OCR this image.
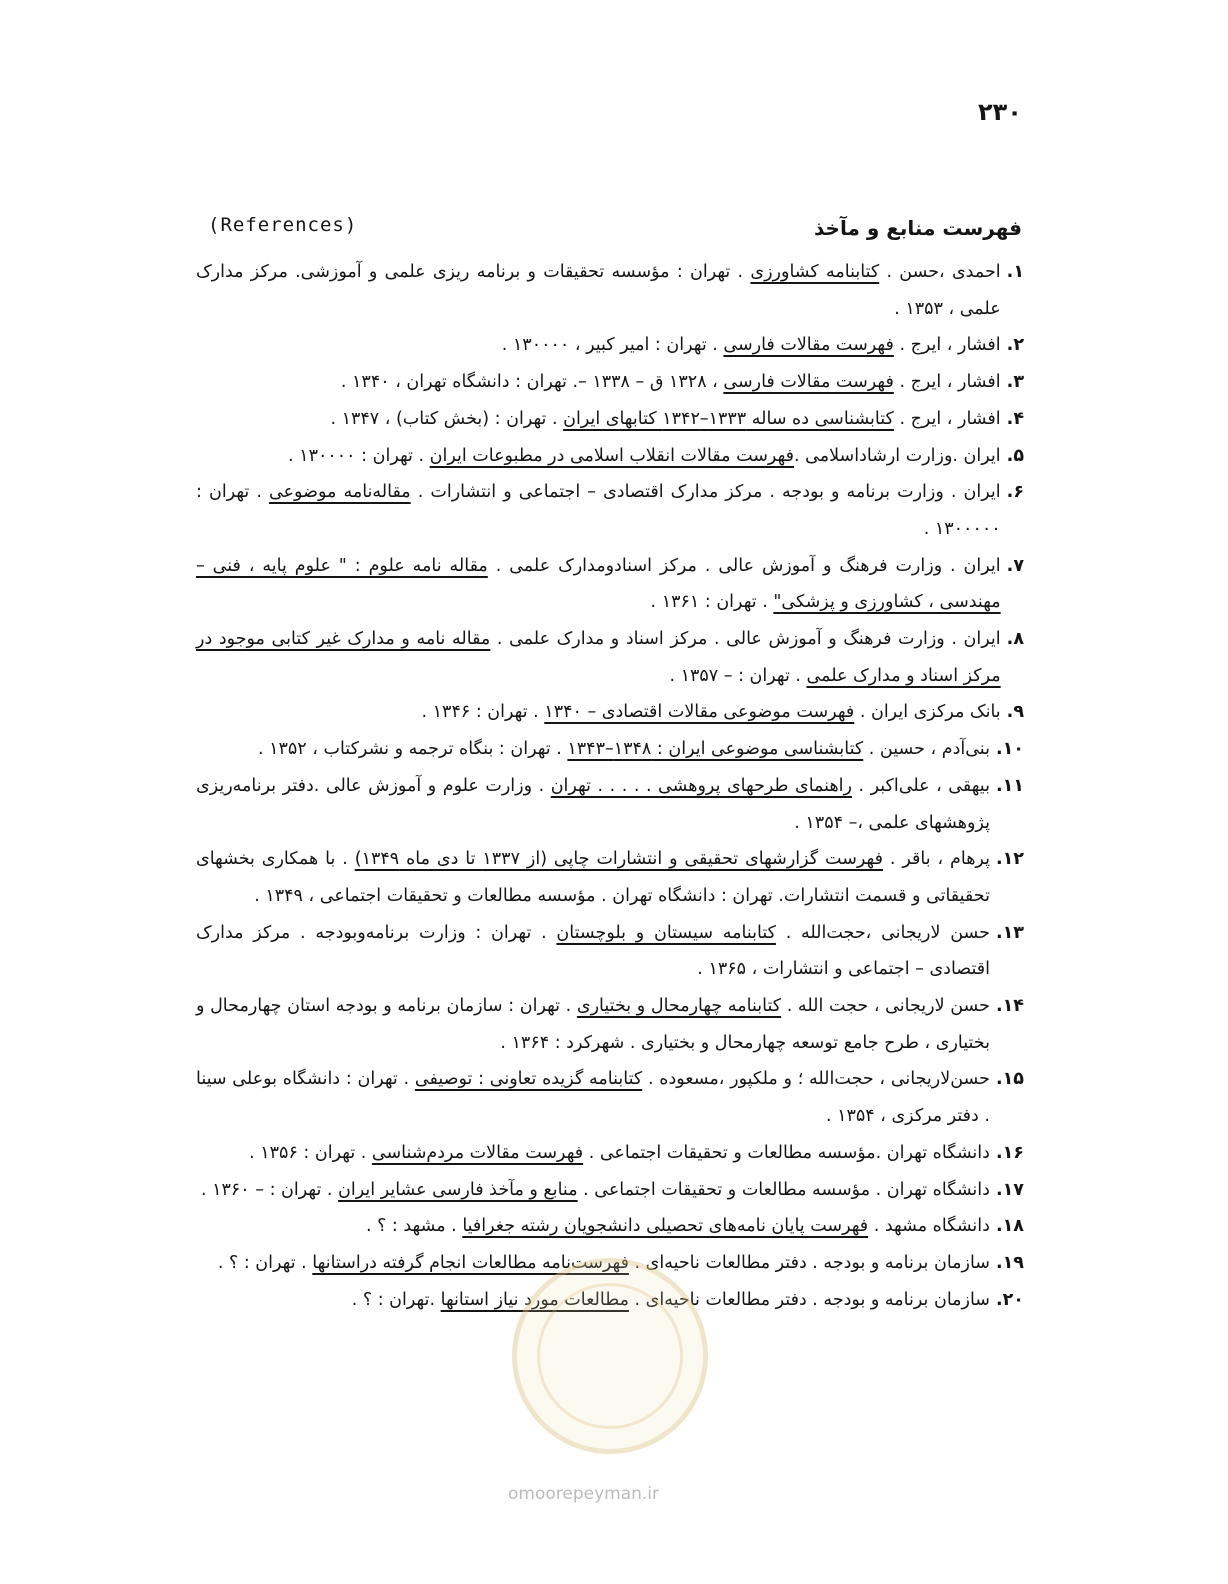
۲۳۰
(References)	فهرست منابع و مآخذ
۱.
احمدی ،حسن . کتابنامه کشاورزی . تهران : مؤسسه تحقیقات و برنامه ریزی علمی و آموزشی. مرکز مدارک علمی ، ۱۳۵۳ .
۲.
افشار ، ایرج . فهرست مقالات فارسی . تهران : امیر کبیر ، ۱۳۰۰۰۰ .
۳.
افشار ، ایرج . فهرست مقالات فارسی ، ۱۳۲۸ ق – ۱۳۳۸ –. تهران : دانشگاه تهران ، ۱۳۴۰ .
۴.
افشار ، ایرج . کتابشناسی ده ساله ۱۳۳۳–۱۳۴۲ کتابهای ایران . تهران : (بخش کتاب) ، ۱۳۴۷ .
۵.
ایران .وزارت ارشاداسلامی .فهرست مقالات انقلاب اسلامی در مطبوعات ایران . تهران : ۱۳۰۰۰۰ .
۶.
ایران . وزارت برنامه و بودجه . مرکز مدارک اقتصادی – اجتماعی و انتشارات . مقاله‌نامه موضوعی . تهران : ۱۳۰۰۰۰۰ .
۷.
ایران . وزارت فرهنگ و آموزش عالی . مرکز اسنادومدارک علمی . مقاله نامه علوم : " علوم پایه ، فنی – مهندسی ، کشاورزی و پزشکی" . تهران : ۱۳۶۱ .
۸.
ایران . وزارت فرهنگ و آموزش عالی . مرکز اسناد و مدارک علمی . مقاله نامه و مدارک غیر کتابی موجود در مرکز اسناد و مدارک علمی . تهران : – ۱۳۵۷ .
۹.
بانک مرکزی ایران . فهرست موضوعی مقالات اقتصادی – ۱۳۴۰ . تهران : ۱۳۴۶ .
۱۰.
بنی‌آدم ، حسین . کتابشناسی موضوعی ایران : ۱۳۴۸–۱۳۴۳ . تهران : بنگاه ترجمه و نشرکتاب ، ۱۳۵۲ .
۱۱.
بیهقی ، علی‌اکبر . راهنمای طرحهای پروهشی . . . . . تهران . وزارت علوم و آموزش عالی .دفتر برنامه‌ریزی پژوهشهای علمی ،– ۱۳۵۴ .
۱۲.
پرهام ، باقر . فهرست گزارشهای تحقیقی و انتشارات چاپی (از ۱۳۳۷ تا دی ماه ۱۳۴۹) . با همکاری بخشهای تحقیقاتی و قسمت انتشارات. تهران : دانشگاه تهران . مؤسسه مطالعات و تحقیقات اجتماعی ، ۱۳۴۹ .
۱۳.
حسن لاریجانی ،حجت‌الله . کتابنامه سیستان و بلوچستان . تهران : وزارت برنامه‌وبودجه . مرکز مدارک اقتصادی – اجتماعی و انتشارات ، ۱۳۶۵ .
۱۴.
حسن لاریجانی ، حجت الله . کتابنامه چهارمحال و بختیاری . تهران : سازمان برنامه و بودجه استان چهارمحال و بختیاری ، طرح جامع توسعه چهارمحال و بختیاری . شهرکرد : ۱۳۶۴ .
۱۵.
حسن‌لاریجانی ، حجت‌الله ؛ و ملکپور ،مسعوده . کتابنامه گزیده تعاونی : توصیفی . تهران : دانشگاه بوعلی سینا . دفتر مرکزی ، ۱۳۵۴ .
۱۶.
دانشگاه تهران .مؤسسه مطالعات و تحقیقات اجتماعی . فهرست مقالات مردم‌شناسی . تهران : ۱۳۵۶ .
۱۷.
دانشگاه تهران . مؤسسه مطالعات و تحقیقات اجتماعی . منابع و مآخذ فارسی عشایر ایران . تهران : – ۱۳۶۰ .
۱۸.
دانشگاه مشهد . فهرست پایان نامه‌های تحصیلی دانشجویان رشته جغرافیا . مشهد : ؟ .
۱۹.
سازمان برنامه و بودجه . دفتر مطالعات ناحیه‌ای . فهرست‌نامه مطالعات انجام گرفته دراستانها . تهران : ؟ .
۲۰.
سازمان برنامه و بودجه . دفتر مطالعات ناحیه‌ای . مطالعات مورد نیاز استانها .تهران : ؟ .
omoorepeyman.ir
